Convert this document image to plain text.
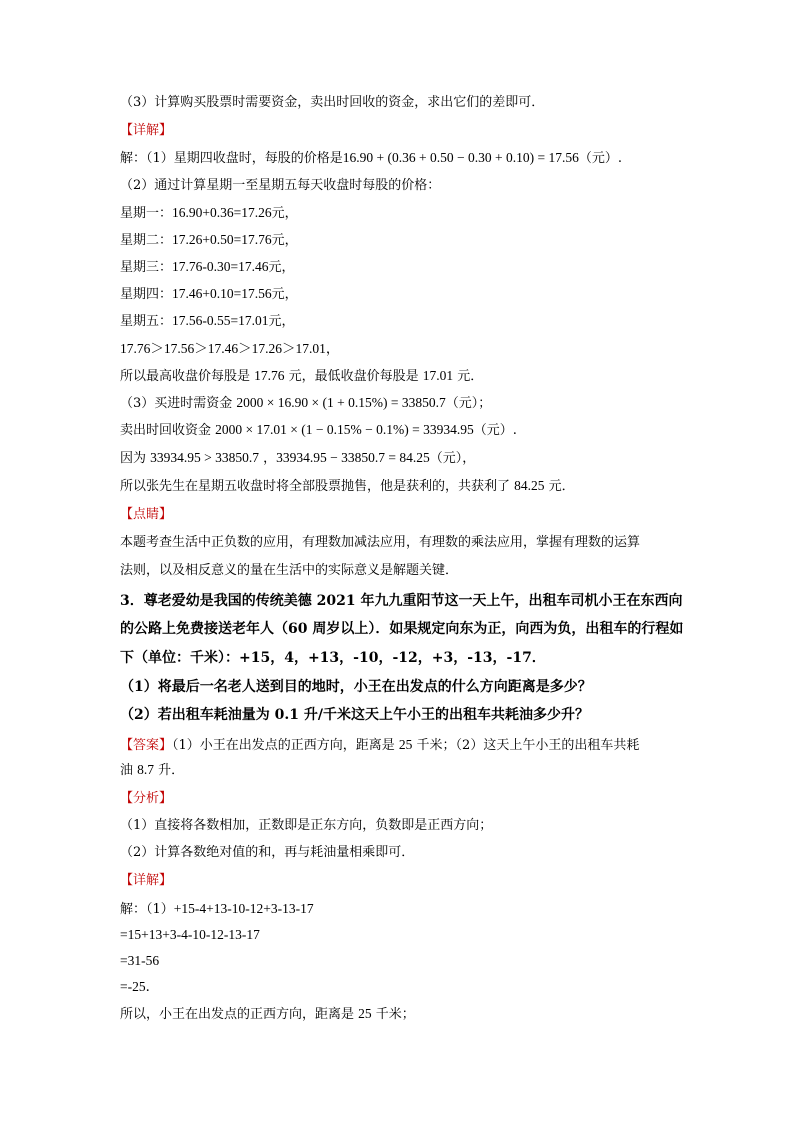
（3）计算购买股票时需要资金，卖出时回收的资金，求出它们的差即可．
【详解】
解：（1）星期四收盘时，每股的价格是16.90 + (0.36 + 0.50 − 0.30 + 0.10) = 17.56（元）.
（2）通过计算星期一至星期五每天收盘时每股的价格：
星期一：16.90+0.36=17.26元，
星期二：17.26+0.50=17.76元，
星期三：17.76-0.30=17.46元，
星期四：17.46+0.10=17.56元，
星期五：17.56-0.55=17.01元，
17.76＞17.56＞17.46＞17.26＞17.01，
所以最高收盘价每股是 17.76 元，最低收盘价每股是 17.01 元．
（3）买进时需资金 2000 × 16.90 × (1 + 0.15%) = 33850.7（元）；
卖出时回收资金 2000 × 17.01 × (1 − 0.15% − 0.1%) = 33934.95（元）.
因为 33934.95 > 33850.7 ，33934.95 − 33850.7 = 84.25（元），
所以张先生在星期五收盘时将全部股票抛售，他是获利的，共获利了 84.25 元．
【点睛】
本题考查生活中正负数的应用，有理数加减法应用，有理数的乘法应用，掌握有理数的运算
法则，以及相反意义的量在生活中的实际意义是解题关键．
3．尊老爱幼是我国的传统美德 2021 年九九重阳节这一天上午，出租车司机小王在东西向
的公路上免费接送老年人（60 周岁以上）．如果规定向东为正，向西为负，出租车的行程如
下（单位：千米）：+15，4，+13，-10，-12，+3，-13，-17．
（1）将最后一名老人送到目的地时，小王在出发点的什么方向距离是多少？
（2）若出租车耗油量为 0.1 升/千米这天上午小王的出租车共耗油多少升？
【答案】（1）小王在出发点的正西方向，距离是 25 千米；（2）这天上午小王的出租车共耗
油 8.7 升．
【分析】
（1）直接将各数相加，正数即是正东方向，负数即是正西方向；
（2）计算各数绝对值的和，再与耗油量相乘即可．
【详解】
解：（1）+15-4+13-10-12+3-13-17
=15+13+3-4-10-12-13-17
=31-56
=-25．
所以，小王在出发点的正西方向，距离是 25 千米；
